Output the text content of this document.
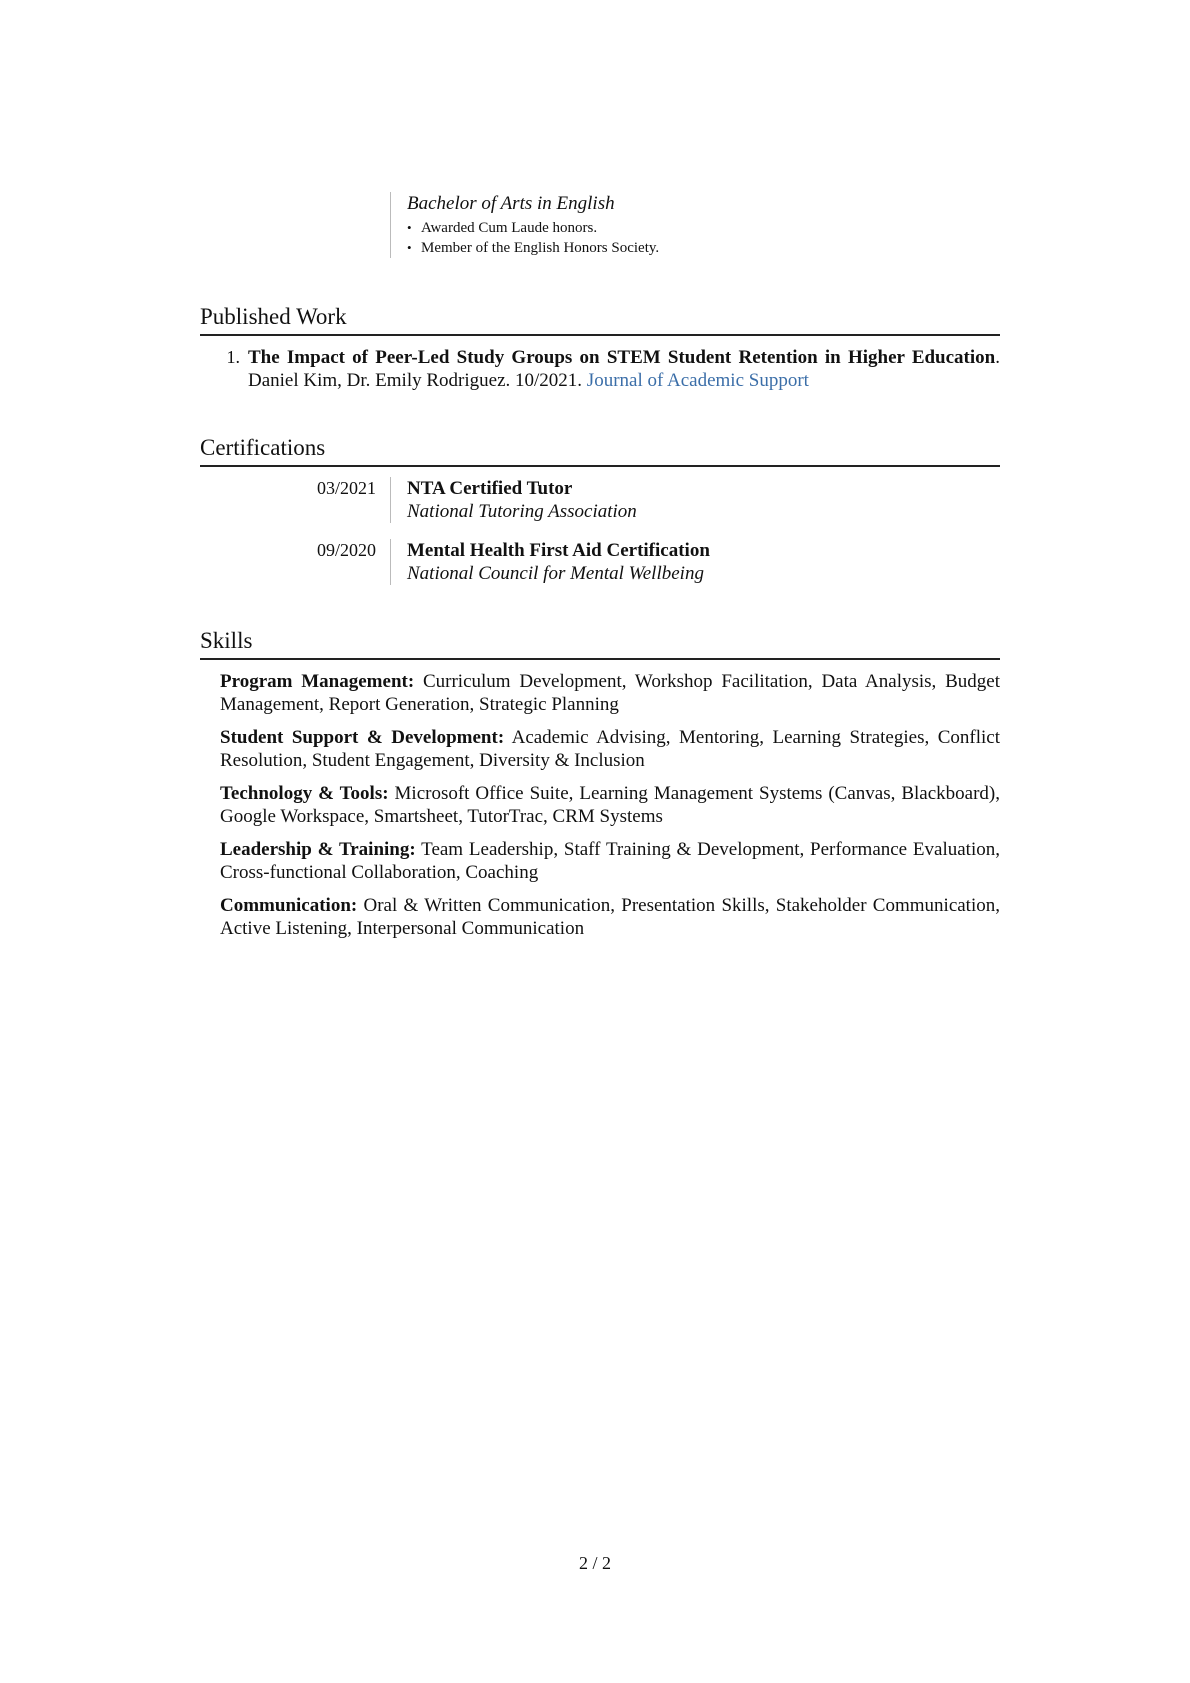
Bachelor of Arts in English
• Awarded Cum Laude honors.
• Member of the English Honors Society.
Published Work
1. The Impact of Peer-Led Study Groups on STEM Student Retention in Higher Education. Daniel Kim, Dr. Emily Rodriguez. 10/2021. Journal of Academic Support
Certifications
03/2021	NTA Certified Tutor
National Tutoring Association
09/2020	Mental Health First Aid Certification
National Council for Mental Wellbeing
Skills
Program Management: Curriculum Development, Workshop Facilitation, Data Analysis, Budget Management, Report Generation, Strategic Planning
Student Support & Development: Academic Advising, Mentoring, Learning Strategies, Conflict Resolution, Student Engagement, Diversity & Inclusion
Technology & Tools: Microsoft Office Suite, Learning Management Systems (Canvas, Blackboard), Google Workspace, Smartsheet, TutorTrac, CRM Systems
Leadership & Training: Team Leadership, Staff Training & Development, Performance Evaluation, Cross-functional Collaboration, Coaching
Communication: Oral & Written Communication, Presentation Skills, Stakeholder Communication, Active Listening, Interpersonal Communication
2 / 2
